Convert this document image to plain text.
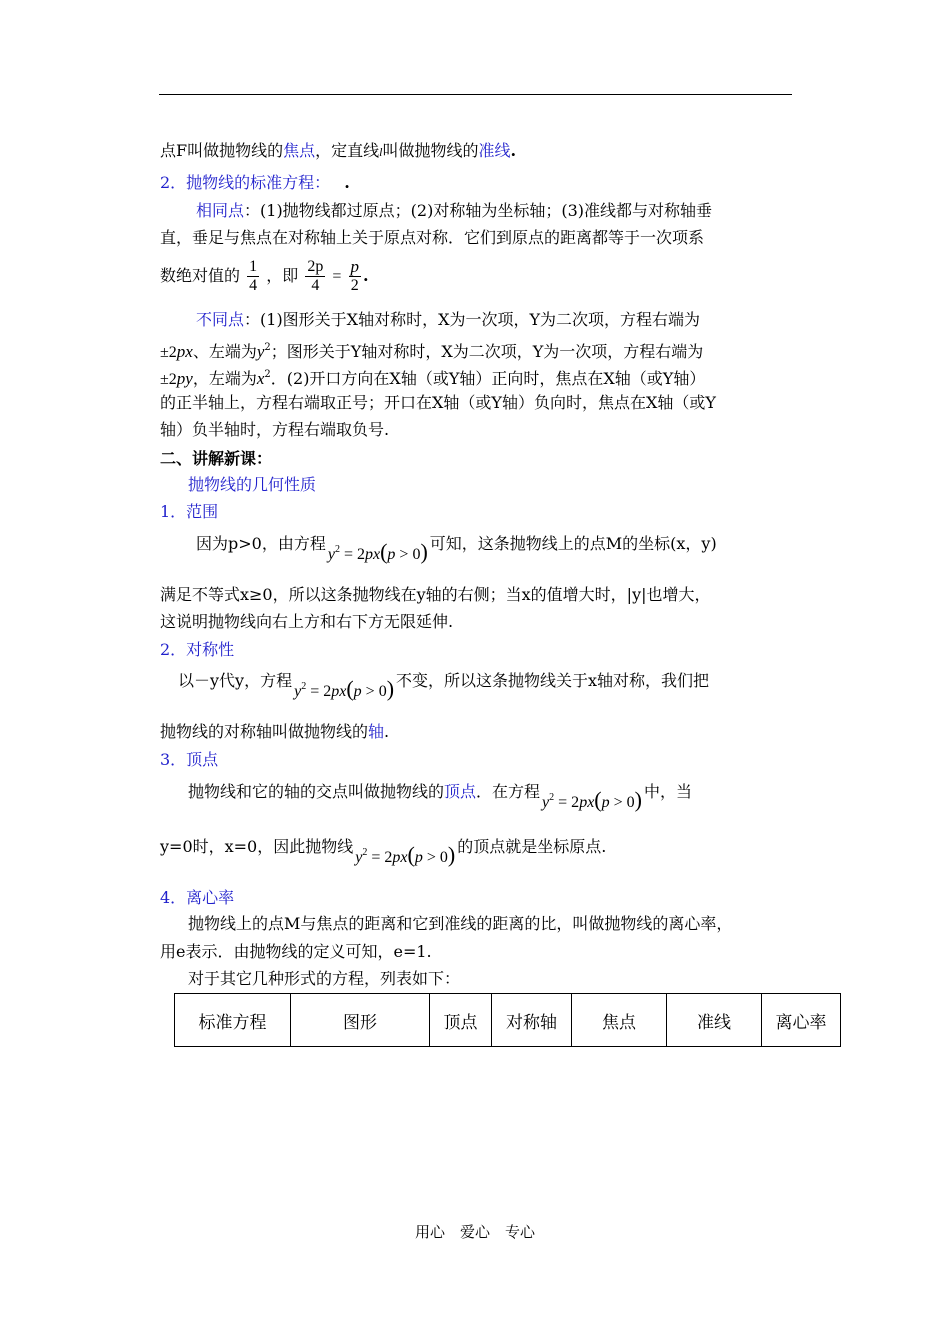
点F叫做抛物线的焦点，定直线l叫做抛物线的准线.
2．抛物线的标准方程： .
相同点：(1)抛物线都过原点；(2)对称轴为坐标轴；(3)准线都与对称轴垂
直，垂足与焦点在对称轴上关于原点对称．它们到原点的距离都等于一次项系
数绝对值的 $\frac{1}{4}$ ，即 $\frac{2p}{4} = \frac{p}{2}$ .
不同点：(1)图形关于X轴对称时，X为一次项，Y为二次项，方程右端为
±2px、左端为$y^2$；图形关于Y轴对称时，X为二次项，Y为一次项，方程右端为
±2py，左端为$x^2$．(2)开口方向在X轴（或Y轴）正向时，焦点在X轴（或Y轴）
的正半轴上，方程右端取正号；开口在X轴（或Y轴）负向时，焦点在X轴（或Y
轴）负半轴时，方程右端取负号.
二、讲解新课：
抛物线的几何性质
1．范围
因为p>0，由方程$y^2 = 2px(p > 0)$ 可知，这条抛物线上的点M的坐标(x，y)
满足不等式x≥0，所以这条抛物线在y轴的右侧；当x的值增大时，|y|也增大，
这说明抛物线向右上方和右下方无限延伸.
2．对称性
以－y代y，方程$y^2 = 2px(p > 0)$ 不变，所以这条抛物线关于x轴对称，我们把
抛物线的对称轴叫做抛物线的轴.
3．顶点
抛物线和它的轴的交点叫做抛物线的顶点．在方程$y^2 = 2px(p > 0)$ 中，当
y=0时，x=0，因此抛物线$y^2 = 2px(p > 0)$ 的顶点就是坐标原点.
4．离心率
抛物线上的点M与焦点的距离和它到准线的距离的比，叫做抛物线的离心率，
用e表示．由抛物线的定义可知，e=1.
对于其它几种形式的方程，列表如下：
标准方程	图形	顶点	对称轴	焦点	准线	离心率
用心　爱心　专心
